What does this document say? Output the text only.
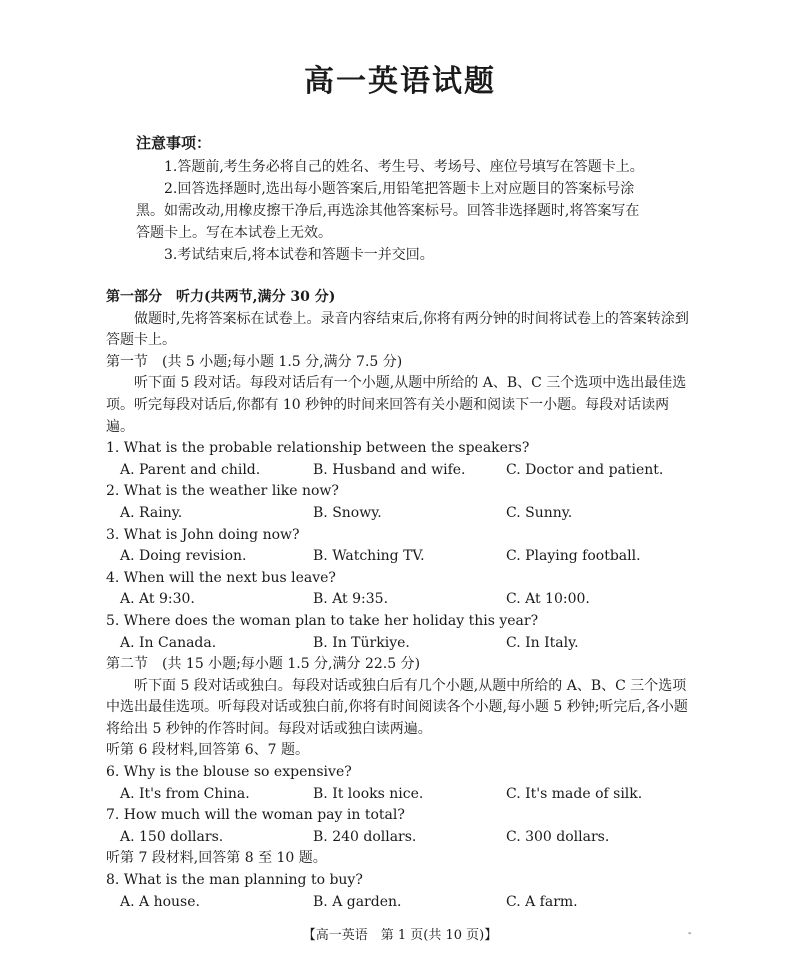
高一英语试题

注意事项：

1.答题前,考生务必将自己的姓名、考生号、考场号、座位号填写在答题卡上。

2.回答选择题时,选出每小题答案后,用铅笔把答题卡上对应题目的答案标号涂

黑。如需改动,用橡皮擦干净后,再选涂其他答案标号。回答非选择题时,将答案写在

答题卡上。写在本试卷上无效。

3.考试结束后,将本试卷和答题卡一并交回。

第一部分　听力(共两节,满分 30 分)

做题时,先将答案标在试卷上。录音内容结束后,你将有两分钟的时间将试卷上的答案转涂到答题卡上。

第一节　(共 5 小题;每小题 1.5 分,满分 7.5 分)

听下面 5 段对话。每段对话后有一个小题,从题中所给的 A、B、C 三个选项中选出最佳选项。听完每段对话后,你都有 10 秒钟的时间来回答有关小题和阅读下一小题。每段对话读两遍。

1. What is the probable relationship between the speakers?

A. Parent and child.	B. Husband and wife.	C. Doctor and patient.

2. What is the weather like now?

A. Rainy.	B. Snowy.	C. Sunny.

3. What is John doing now?

A. Doing revision.	B. Watching TV.	C. Playing football.

4. When will the next bus leave?

A. At 9:30.	B. At 9:35.	C. At 10:00.

5. Where does the woman plan to take her holiday this year?

A. In Canada.	B. In Türkiye.	C. In Italy.

第二节　(共 15 小题;每小题 1.5 分,满分 22.5 分)

听下面 5 段对话或独白。每段对话或独白后有几个小题,从题中所给的 A、B、C 三个选项中选出最佳选项。听每段对话或独白前,你将有时间阅读各个小题,每小题 5 秒钟;听完后,各小题将给出 5 秒钟的作答时间。每段对话或独白读两遍。

听第 6 段材料,回答第 6、7 题。

6. Why is the blouse so expensive?

A. It's from China.	B. It looks nice.	C. It's made of silk.

7. How much will the woman pay in total?

A. 150 dollars.	B. 240 dollars.	C. 300 dollars.

听第 7 段材料,回答第 8 至 10 题。

8. What is the man planning to buy?

A. A house.	B. A garden.	C. A farm.
【高一英语　第 1 页(共 10 页)】	-
